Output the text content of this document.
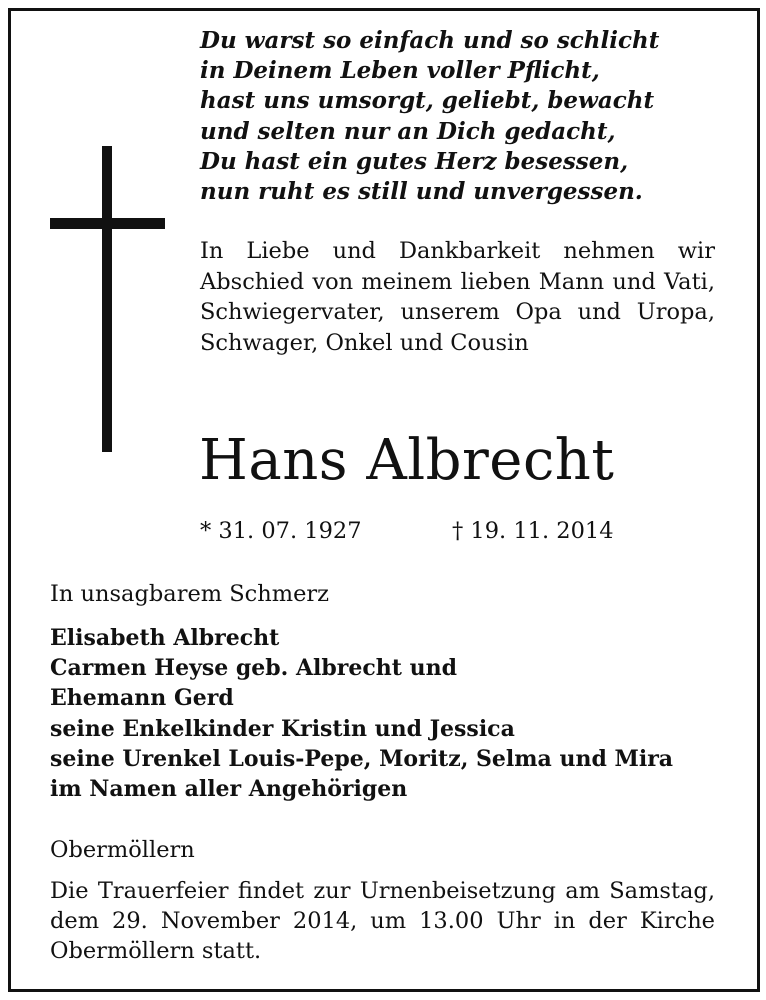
Du warst so einfach und so schlicht
in Deinem Leben voller Pflicht,
hast uns umsorgt, geliebt, bewacht
und selten nur an Dich gedacht,
Du hast ein gutes Herz besessen,
nun ruht es still und unvergessen.
In Liebe und Dankbarkeit nehmen wir Abschied von meinem lieben Mann und Vati, Schwiegervater, unserem Opa und Uropa, Schwager, Onkel und Cousin
Hans Albrecht
* 31. 07. 1927	† 19. 11. 2014
In unsagbarem Schmerz
Elisabeth Albrecht
Carmen Heyse geb. Albrecht und
Ehemann Gerd
seine Enkelkinder Kristin und Jessica
seine Urenkel Louis-Pepe, Moritz, Selma und Mira
im Namen aller Angehörigen
Obermöllern
Die Trauerfeier findet zur Urnenbeisetzung am Samstag, dem 29. November 2014, um 13.00 Uhr in der Kirche Obermöllern statt.
